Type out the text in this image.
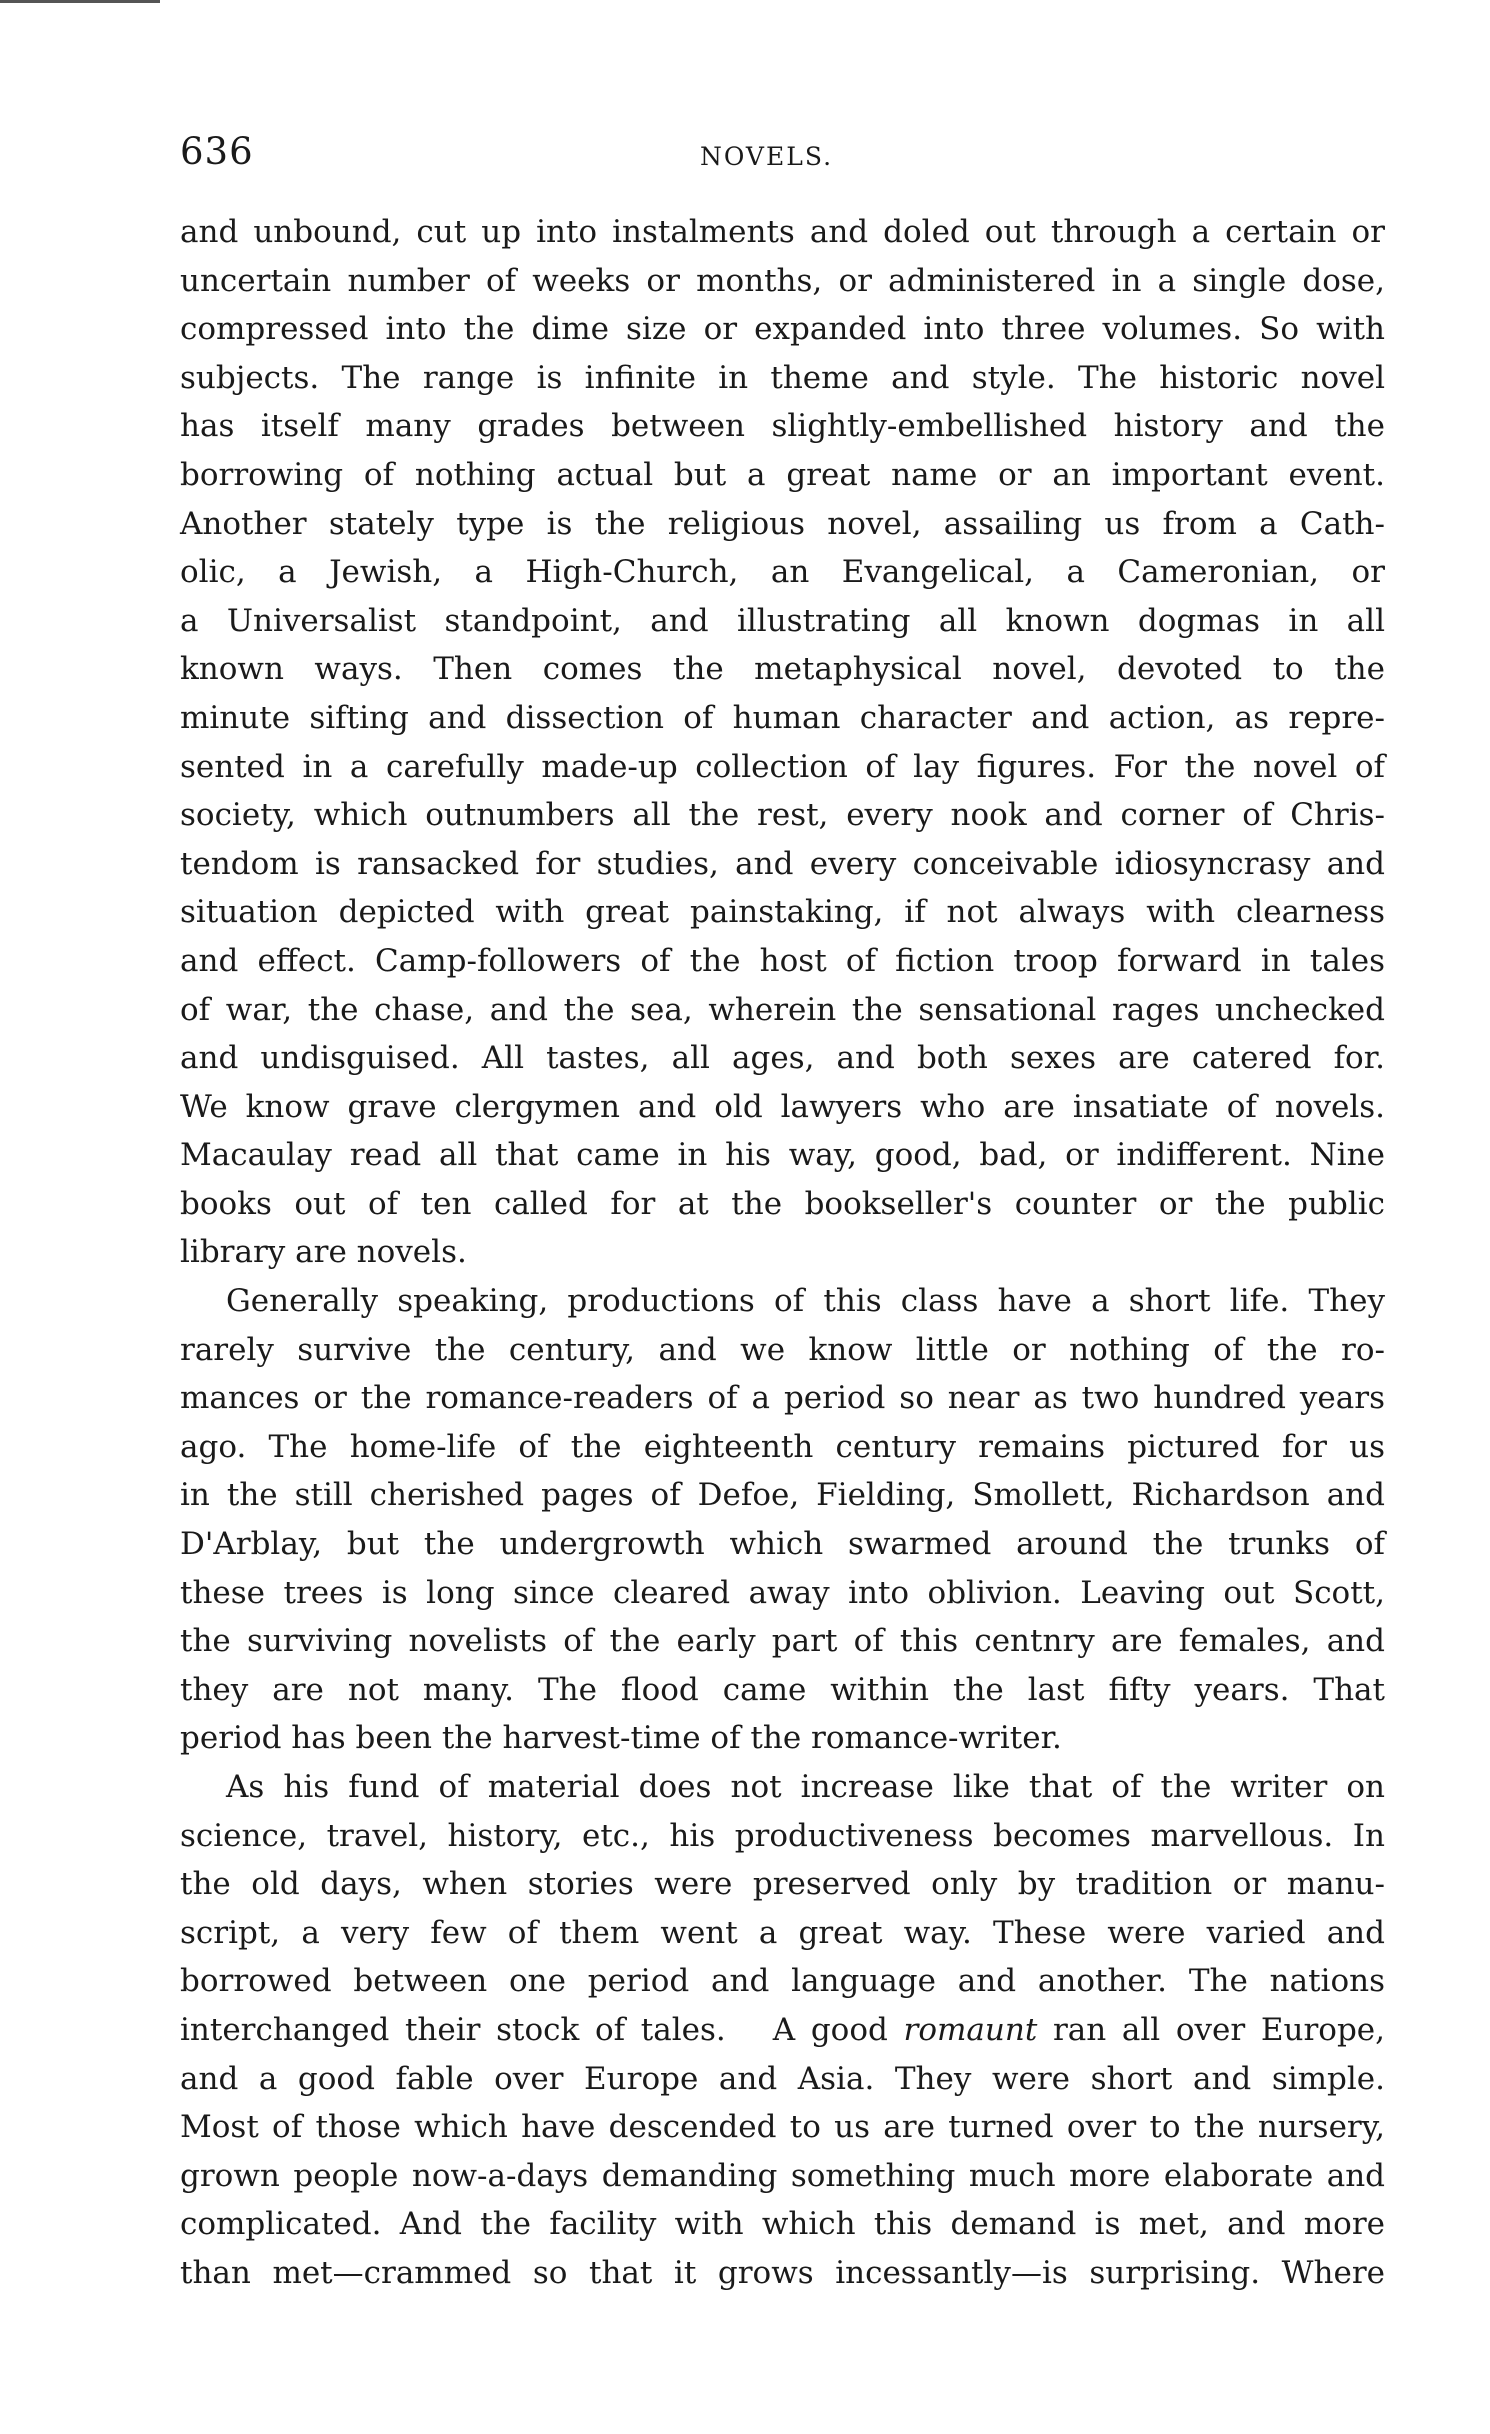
636	NOVELS.

and unbound, cut up into instalments and doled out through a certain or

uncertain number of weeks or months, or administered in a single dose,

compressed into the dime size or expanded into three volumes. So with

subjects. The range is infinite in theme and style. The historic novel

has itself many grades between slightly-embellished history and the

borrowing of nothing actual but a great name or an important event.

Another stately type is the religious novel, assailing us from a Cath-

olic, a Jewish, a High-Church, an Evangelical, a Cameronian, or

a Universalist standpoint, and illustrating all known dogmas in all

known ways. Then comes the metaphysical novel, devoted to the

minute sifting and dissection of human character and action, as repre-

sented in a carefully made-up collection of lay figures. For the novel of

society, which outnumbers all the rest, every nook and corner of Chris-

tendom is ransacked for studies, and every conceivable idiosyncrasy and

situation depicted with great painstaking, if not always with clearness

and effect. Camp-followers of the host of fiction troop forward in tales

of war, the chase, and the sea, wherein the sensational rages unchecked

and undisguised. All tastes, all ages, and both sexes are catered for.

We know grave clergymen and old lawyers who are insatiate of novels.

Macaulay read all that came in his way, good, bad, or indifferent. Nine

books out of ten called for at the bookseller's counter or the public

library are novels.

Generally speaking, productions of this class have a short life. They

rarely survive the century, and we know little or nothing of the ro-

mances or the romance-readers of a period so near as two hundred years

ago. The home-life of the eighteenth century remains pictured for us

in the still cherished pages of Defoe, Fielding, Smollett, Richardson and

D'Arblay, but the undergrowth which swarmed around the trunks of

these trees is long since cleared away into oblivion. Leaving out Scott,

the surviving novelists of the early part of this centnry are females, and

they are not many. The flood came within the last fifty years. That

period has been the harvest-time of the romance-writer.

As his fund of material does not increase like that of the writer on

science, travel, history, etc., his productiveness becomes marvellous. In

the old days, when stories were preserved only by tradition or manu-

script, a very few of them went a great way. These were varied and

borrowed between one period and language and another. The nations

interchanged their stock of tales. A good romaunt ran all over Europe,

and a good fable over Europe and Asia. They were short and simple.

Most of those which have descended to us are turned over to the nursery,

grown people now-a-days demanding something much more elaborate and

complicated. And the facility with which this demand is met, and more

than met—crammed so that it grows incessantly—is surprising. Where
